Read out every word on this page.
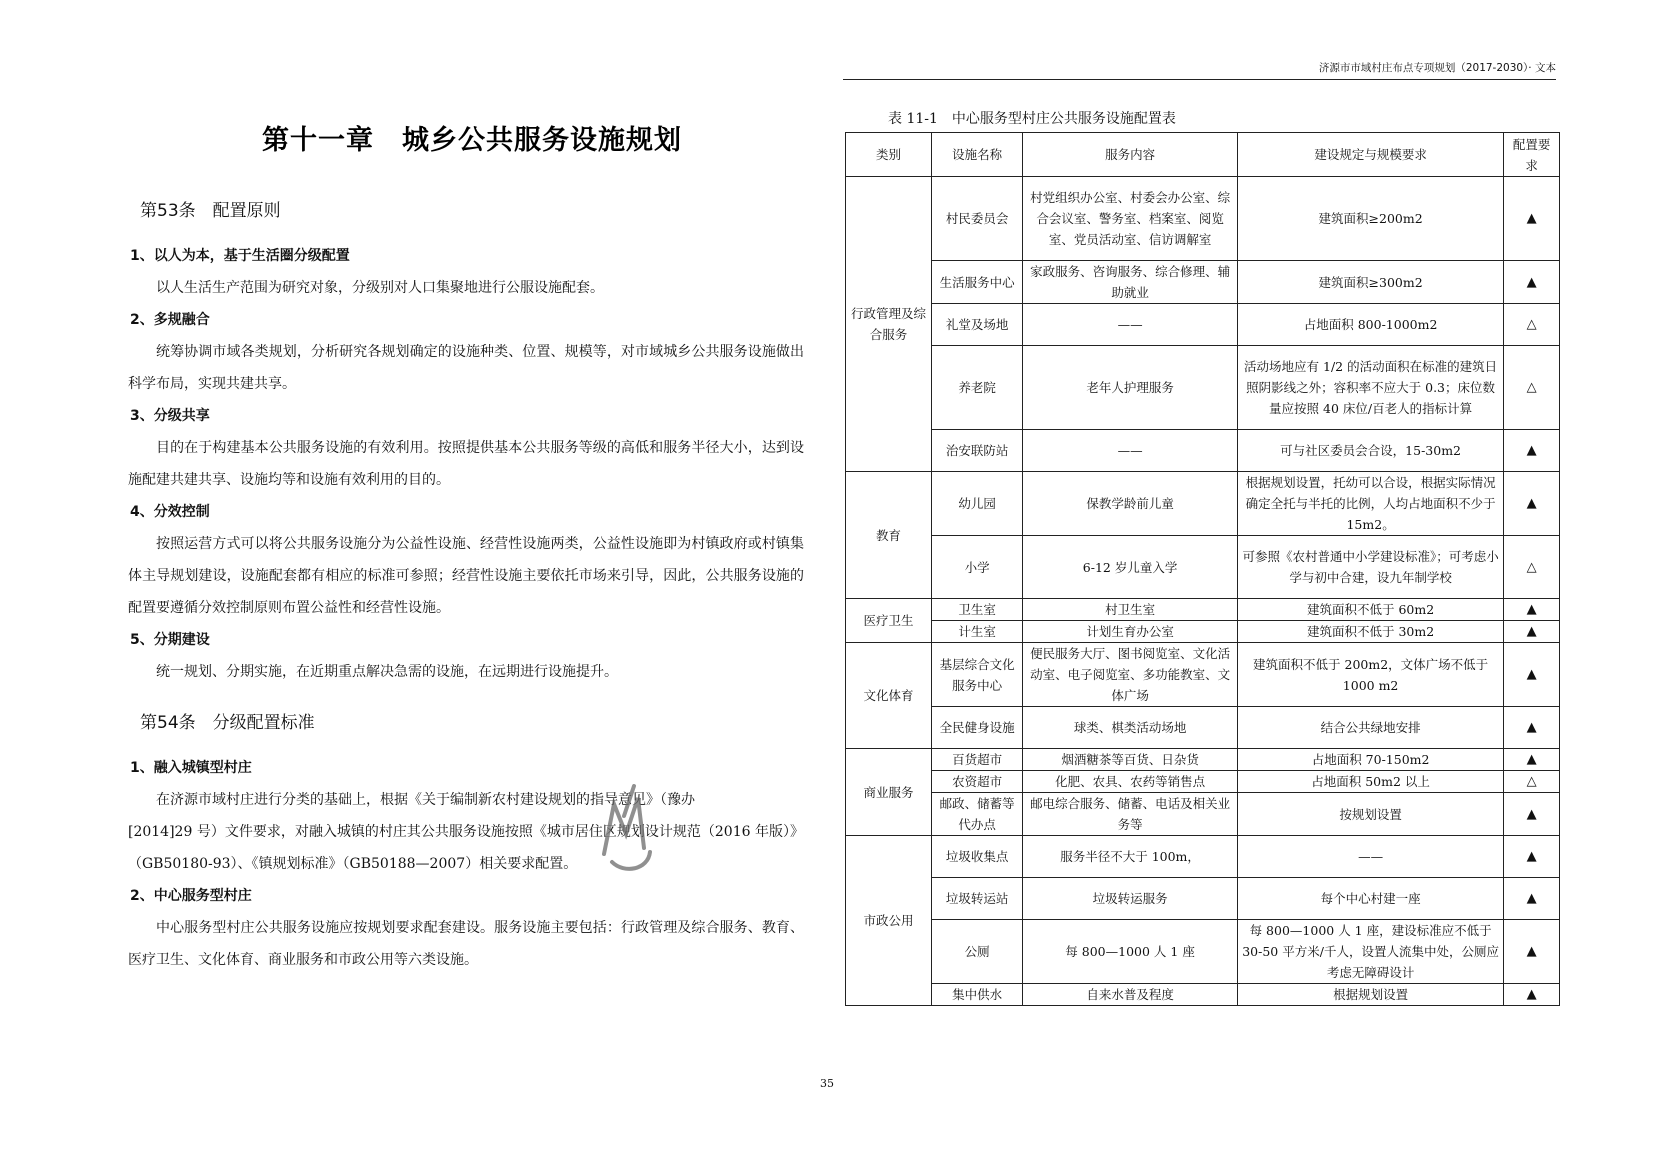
济源市市域村庄布点专项规划（2017-2030）· 文本
第十一章　城乡公共服务设施规划
第53条　配置原则
1、以人为本，基于生活圈分级配置

以人生活生产范围为研究对象，分级别对人口集聚地进行公服设施配套。

2、多规融合

统筹协调市域各类规划，分析研究各规划确定的设施种类、位置、规模等，对市域城乡公共服务设施做出科学布局，实现共建共享。

3、分级共享

目的在于构建基本公共服务设施的有效利用。按照提供基本公共服务等级的高低和服务半径大小，达到设施配建共建共享、设施均等和设施有效利用的目的。

4、分效控制

按照运营方式可以将公共服务设施分为公益性设施、经营性设施两类，公益性设施即为村镇政府或村镇集体主导规划建设，设施配套都有相应的标准可参照；经营性设施主要依托市场来引导，因此，公共服务设施的配置要遵循分效控制原则布置公益性和经营性设施。

5、分期建设

统一规划、分期实施，在近期重点解决急需的设施，在远期进行设施提升。

第54条　分级配置标准
1、融入城镇型村庄

在济源市域村庄进行分类的基础上，根据《关于编制新农村建设规划的指导意见》（豫办

[2014]29 号）文件要求，对融入城镇的村庄其公共服务设施按照《城市居住区规划设计规范（2016 年版）》（GB50180-93）、《镇规划标准》（GB50188—2007）相关要求配置。

2、中心服务型村庄

中心服务型村庄公共服务设施应按规划要求配套建设。服务设施主要包括：行政管理及综合服务、教育、医疗卫生、文化体育、商业服务和市政公用等六类设施。

表 11-1　中心服务型村庄公共服务设施配置表
类别	设施名称	服务内容	建设规定与规模要求	配置要求
行政管理及综合服务	村民委员会	村党组织办公室、村委会办公室、综合会议室、警务室、档案室、阅览室、党员活动室、信访调解室	建筑面积≥200m2	▲
	生活服务中心	家政服务、咨询服务、综合修理、辅助就业	建筑面积≥300m2	▲
	礼堂及场地	——	占地面积 800-1000m2	△
	养老院	老年人护理服务	活动场地应有 1/2 的活动面积在标准的建筑日照阴影线之外；容积率不应大于 0.3；床位数量应按照 40 床位/百老人的指标计算	△
	治安联防站	——	可与社区委员会合设，15-30m2	▲
教育	幼儿园	保教学龄前儿童	根据规划设置，托幼可以合设，根据实际情况确定全托与半托的比例，人均占地面积不少于 15m2。	▲
	小学	6-12 岁儿童入学	可参照《农村普通中小学建设标准》；可考虑小学与初中合建，设九年制学校	△
医疗卫生	卫生室	村卫生室	建筑面积不低于 60m2	▲
	计生室	计划生育办公室	建筑面积不低于 30m2	▲
文化体育	基层综合文化服务中心	便民服务大厅、图书阅览室、文化活动室、电子阅览室、多功能教室、文体广场	建筑面积不低于 200m2，文体广场不低于 1000 m2	▲
	全民健身设施	球类、棋类活动场地	结合公共绿地安排	▲
商业服务	百货超市	烟酒糖茶等百货、日杂货	占地面积 70-150m2	▲
	农资超市	化肥、农具、农药等销售点	占地面积 50m2 以上	△
	邮政、储蓄等代办点	邮电综合服务、储蓄、电话及相关业务等	按规划设置	▲
市政公用	垃圾收集点	服务半径不大于 100m，	——	▲
	垃圾转运站	垃圾转运服务	每个中心村建一座	▲
	公厕	每 800—1000 人 1 座	每 800—1000 人 1 座，建设标准应不低于 30-50 平方米/千人，设置人流集中处，公厕应考虑无障碍设计	▲
	集中供水	自来水普及程度	根据规划设置	▲
35
